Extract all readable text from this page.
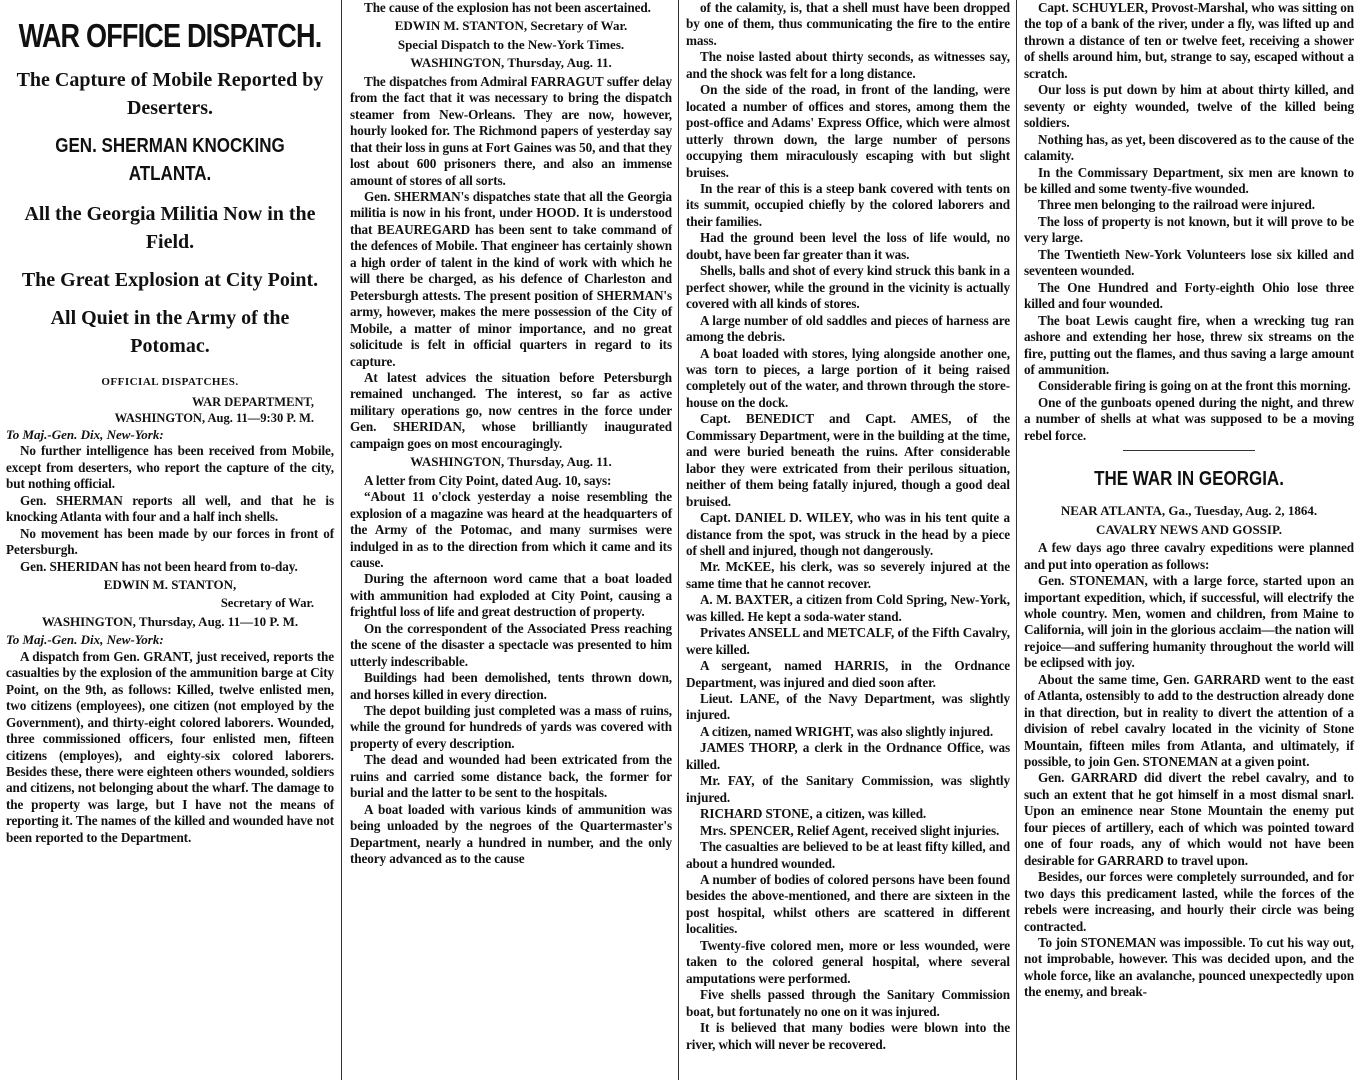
WAR OFFICE DISPATCH.
The Capture of Mobile Reported by Deserters.
GEN. SHERMAN KNOCKING ATLANTA.
All the Georgia Militia Now in the Field.
The Great Explosion at City Point.
All Quiet in the Army of the Potomac.
OFFICIAL DISPATCHES.
WAR DEPARTMENT,
WASHINGTON, Aug. 11—9:30 P. M.
To Maj.-Gen. Dix, New-York:

No further intelligence has been received from Mobile, except from deserters, who report the capture of the city, but nothing official.

Gen. SHERMAN reports all well, and that he is knocking Atlanta with four and a half inch shells.

No movement has been made by our forces in front of Petersburgh.

Gen. SHERIDAN has not been heard from to-day.

EDWIN M. STANTON,
Secretary of War.
WASHINGTON, Thursday, Aug. 11—10 P. M.
To Maj.-Gen. Dix, New-York:

A dispatch from Gen. GRANT, just received, reports the casualties by the explosion of the ammunition barge at City Point, on the 9th, as follows: Killed, twelve enlisted men, two citizens (employees), one citizen (not employed by the Government), and thirty-eight colored laborers. Wounded, three commissioned officers, four enlisted men, fifteen citizens (employes), and eighty-six colored laborers. Besides these, there were eighteen others wounded, soldiers and citizens, not belonging about the wharf. The damage to the property was large, but I have not the means of reporting it. The names of the killed and wounded have not been reported to the Department.

The cause of the explosion has not been ascertained.

EDWIN M. STANTON, Secretary of War.
Special Dispatch to the New-York Times.
WASHINGTON, Thursday, Aug. 11.

The dispatches from Admiral FARRAGUT suffer delay from the fact that it was necessary to bring the dispatch steamer from New-Orleans. They are now, however, hourly looked for. The Richmond papers of yesterday say that their loss in guns at Fort Gaines was 50, and that they lost about 600 prisoners there, and also an immense amount of stores of all sorts.

Gen. SHERMAN's dispatches state that all the Georgia militia is now in his front, under HOOD. It is understood that BEAUREGARD has been sent to take command of the defences of Mobile. That engineer has certainly shown a high order of talent in the kind of work with which he will there be charged, as his defence of Charleston and Petersburgh attests. The present position of SHERMAN's army, however, makes the mere possession of the City of Mobile, a matter of minor importance, and no great solicitude is felt in official quarters in regard to its capture.

At latest advices the situation before Petersburgh remained unchanged. The interest, so far as active military operations go, now centres in the force under Gen. SHERIDAN, whose brilliantly inaugurated campaign goes on most encouragingly.

WASHINGTON, Thursday, Aug. 11.

A letter from City Point, dated Aug. 10, says:

“About 11 o'clock yesterday a noise resembling the explosion of a magazine was heard at the headquarters of the Army of the Potomac, and many surmises were indulged in as to the direction from which it came and its cause.

During the afternoon word came that a boat loaded with ammunition had exploded at City Point, causing a frightful loss of life and great destruction of property.

On the correspondent of the Associated Press reaching the scene of the disaster a spectacle was presented to him utterly indescribable.

Buildings had been demolished, tents thrown down, and horses killed in every direction.

The depot building just completed was a mass of ruins, while the ground for hundreds of yards was covered with property of every description.

The dead and wounded had been extricated from the ruins and carried some distance back, the former for burial and the latter to be sent to the hospitals.

A boat loaded with various kinds of ammunition was being unloaded by the negroes of the Quartermaster's Department, nearly a hundred in number, and the only theory advanced as to the cause

of the calamity, is, that a shell must have been dropped by one of them, thus communicating the fire to the entire mass.

The noise lasted about thirty seconds, as witnesses say, and the shock was felt for a long distance.

On the side of the road, in front of the landing, were located a number of offices and stores, among them the post-office and Adams' Express Office, which were almost utterly thrown down, the large number of persons occupying them miraculously escaping with but slight bruises.

In the rear of this is a steep bank covered with tents on its summit, occupied chiefly by the colored laborers and their families.

Had the ground been level the loss of life would, no doubt, have been far greater than it was.

Shells, balls and shot of every kind struck this bank in a perfect shower, while the ground in the vicinity is actually covered with all kinds of stores.

A large number of old saddles and pieces of harness are among the debris.

A boat loaded with stores, lying alongside another one, was torn to pieces, a large portion of it being raised completely out of the water, and thrown through the store-house on the dock.

Capt. BENEDICT and Capt. AMES, of the Commissary Department, were in the building at the time, and were buried beneath the ruins. After considerable labor they were extricated from their perilous situation, neither of them being fatally injured, though a good deal bruised.

Capt. DANIEL D. WILEY, who was in his tent quite a distance from the spot, was struck in the head by a piece of shell and injured, though not dangerously.

Mr. McKEE, his clerk, was so severely injured at the same time that he cannot recover.

A. M. BAXTER, a citizen from Cold Spring, New-York, was killed. He kept a soda-water stand.

Privates ANSELL and METCALF, of the Fifth Cavalry, were killed.

A sergeant, named HARRIS, in the Ordnance Department, was injured and died soon after.

Lieut. LANE, of the Navy Department, was slightly injured.

A citizen, named WRIGHT, was also slightly injured.

JAMES THORP, a clerk in the Ordnance Office, was killed.

Mr. FAY, of the Sanitary Commission, was slightly injured.

RICHARD STONE, a citizen, was killed.

Mrs. SPENCER, Relief Agent, received slight injuries.

The casualties are believed to be at least fifty killed, and about a hundred wounded.

A number of bodies of colored persons have been found besides the above-mentioned, and there are sixteen in the post hospital, whilst others are scattered in different localities.

Twenty-five colored men, more or less wounded, were taken to the colored general hospital, where several amputations were performed.

Five shells passed through the Sanitary Commission boat, but fortunately no one on it was injured.

It is believed that many bodies were blown into the river, which will never be recovered.

Capt. SCHUYLER, Provost-Marshal, who was sitting on the top of a bank of the river, under a fly, was lifted up and thrown a distance of ten or twelve feet, receiving a shower of shells around him, but, strange to say, escaped without a scratch.

Our loss is put down by him at about thirty killed, and seventy or eighty wounded, twelve of the killed being soldiers.

Nothing has, as yet, been discovered as to the cause of the calamity.

In the Commissary Department, six men are known to be killed and some twenty-five wounded.

Three men belonging to the railroad were injured.

The loss of property is not known, but it will prove to be very large.

The Twentieth New-York Volunteers lose six killed and seventeen wounded.

The One Hundred and Forty-eighth Ohio lose three killed and four wounded.

The boat Lewis caught fire, when a wrecking tug ran ashore and extending her hose, threw six streams on the fire, putting out the flames, and thus saving a large amount of ammunition.

Considerable firing is going on at the front this morning.

One of the gunboats opened during the night, and threw a number of shells at what was supposed to be a moving rebel force.

THE WAR IN GEORGIA.
NEAR ATLANTA, Ga., Tuesday, Aug. 2, 1864.
CAVALRY NEWS AND GOSSIP.

A few days ago three cavalry expeditions were planned and put into operation as follows:

Gen. STONEMAN, with a large force, started upon an important expedition, which, if successful, will electrify the whole country. Men, women and children, from Maine to California, will join in the glorious acclaim—the nation will rejoice—and suffering humanity throughout the world will be eclipsed with joy.

About the same time, Gen. GARRARD went to the east of Atlanta, ostensibly to add to the destruction already done in that direction, but in reality to divert the attention of a division of rebel cavalry located in the vicinity of Stone Mountain, fifteen miles from Atlanta, and ultimately, if possible, to join Gen. STONEMAN at a given point.

Gen. GARRARD did divert the rebel cavalry, and to such an extent that he got himself in a most dismal snarl. Upon an eminence near Stone Mountain the enemy put four pieces of artillery, each of which was pointed toward one of four roads, any of which would not have been desirable for GARRARD to travel upon.

Besides, our forces were completely surrounded, and for two days this predicament lasted, while the forces of the rebels were increasing, and hourly their circle was being contracted.

To join STONEMAN was impossible. To cut his way out, not improbable, however. This was decided upon, and the whole force, like an avalanche, pounced unexpectedly upon the enemy, and break-
